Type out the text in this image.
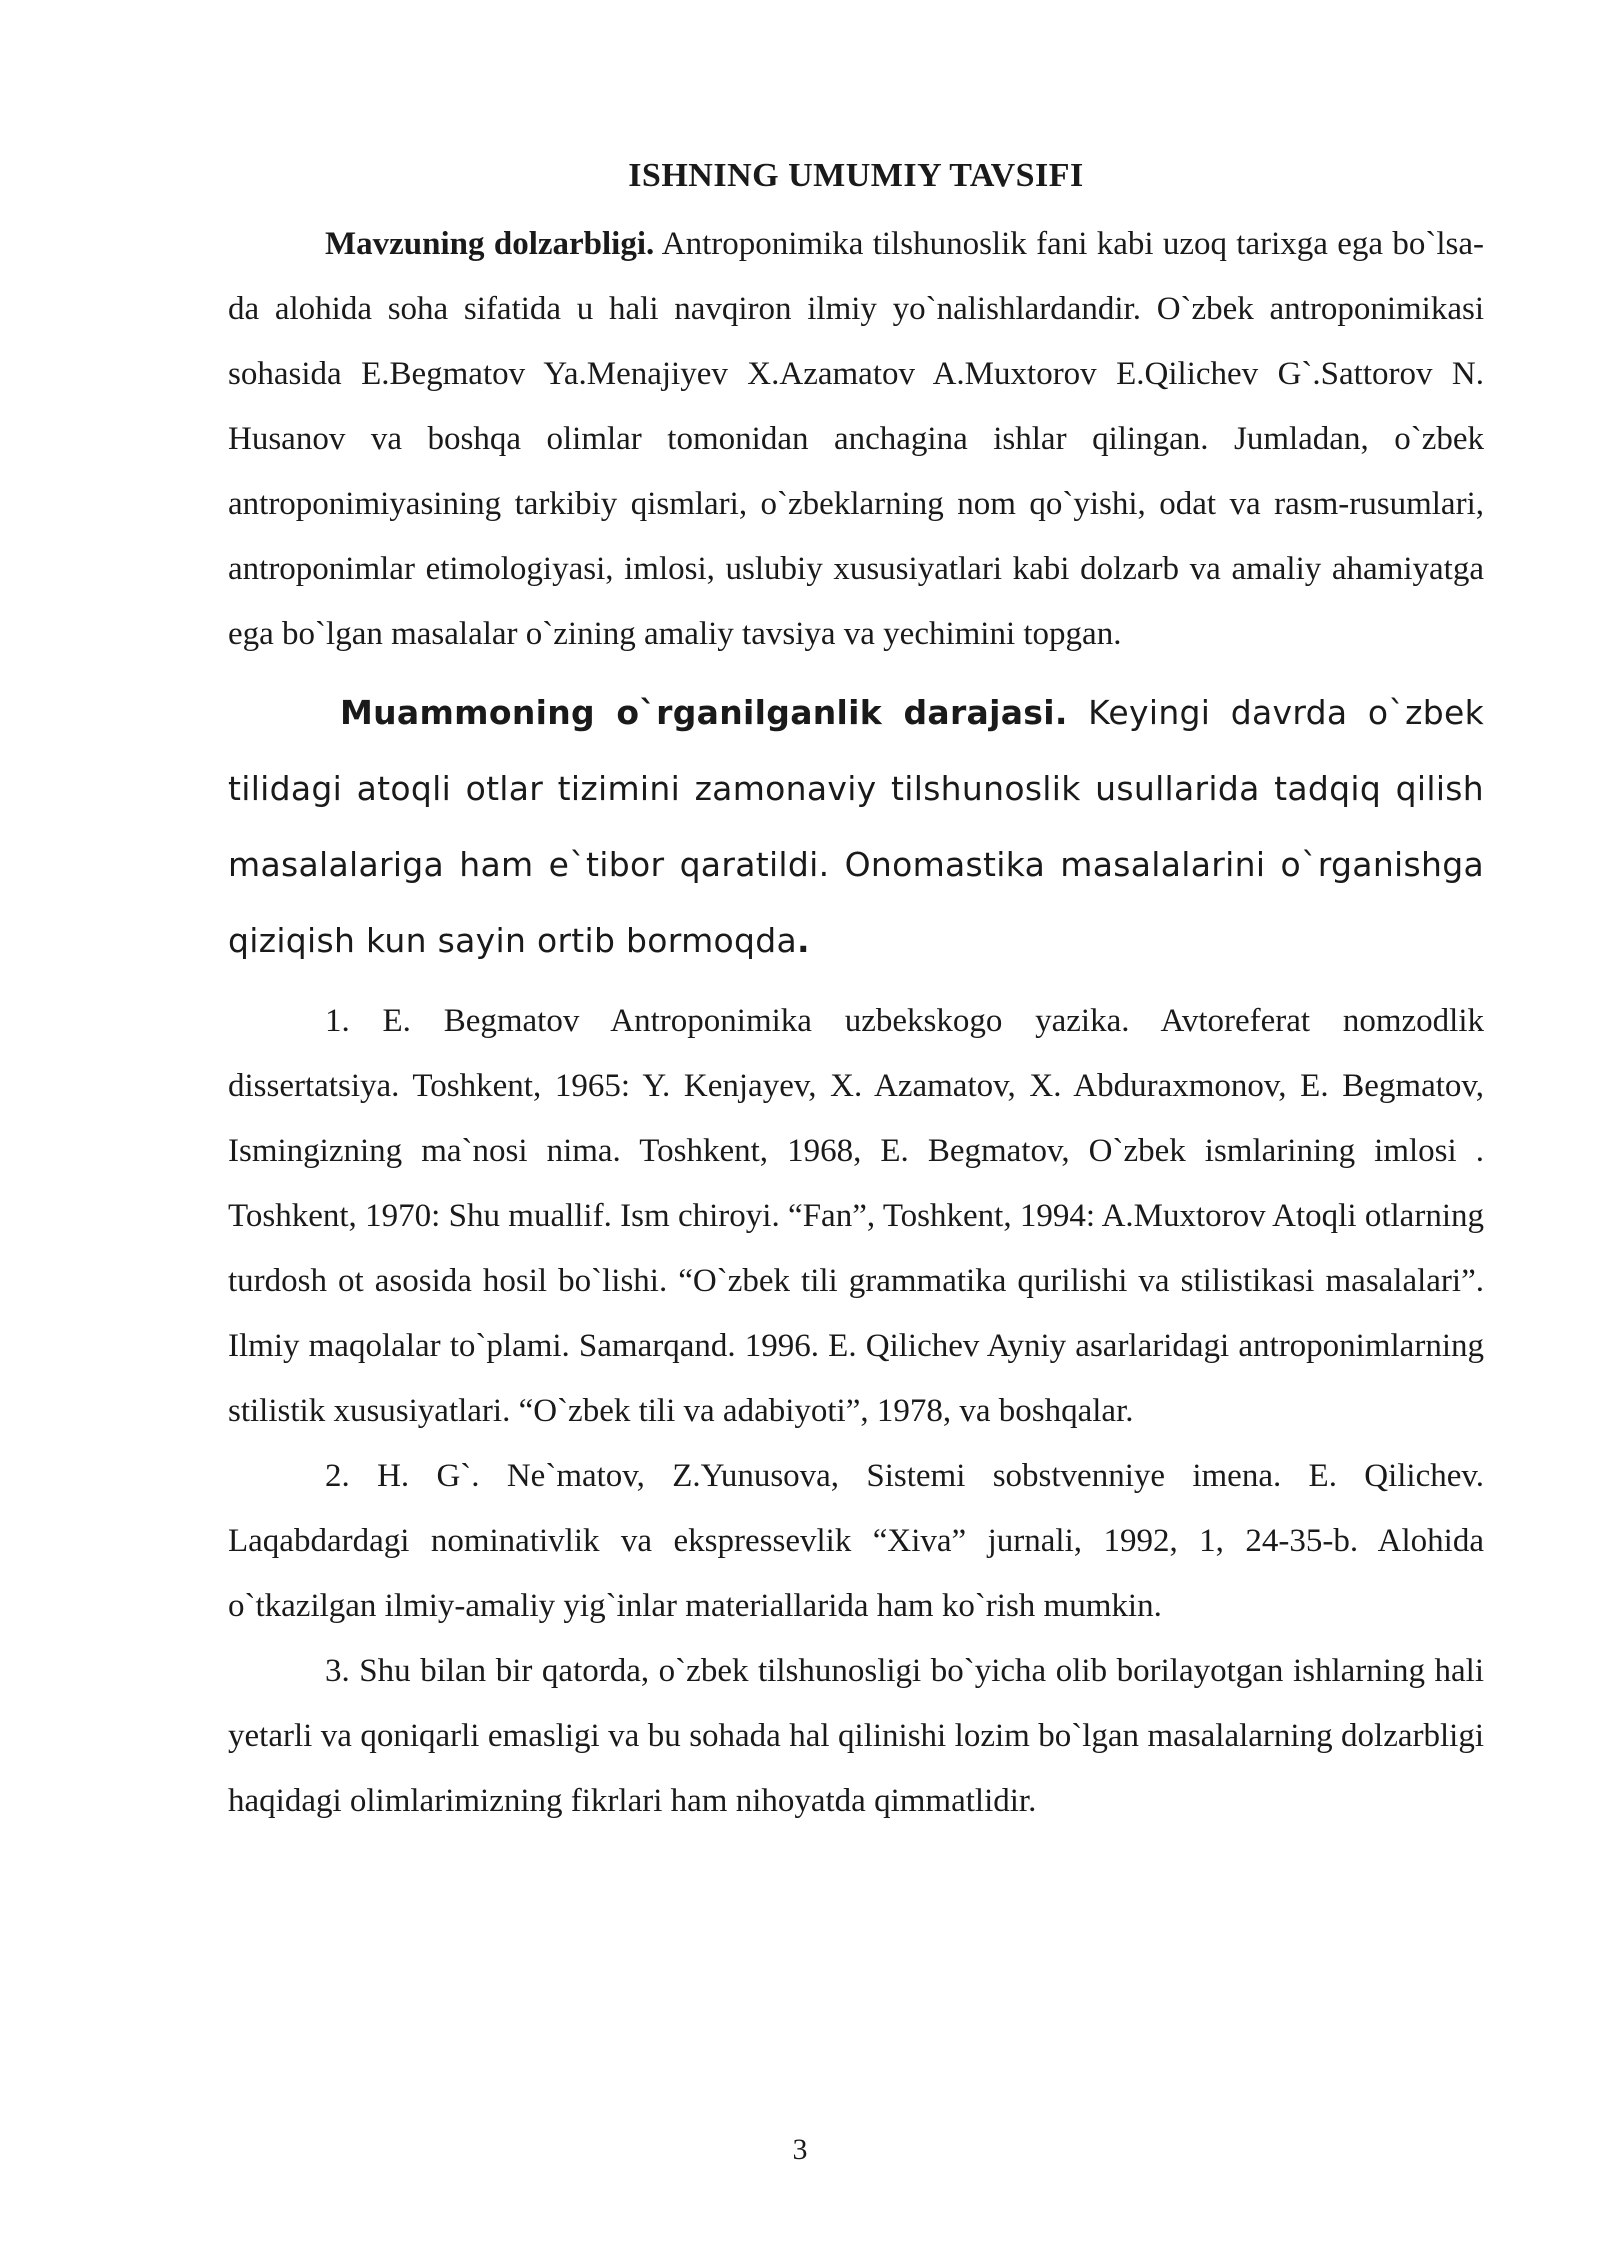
ISHNING UMUMIY TAVSIFI

Mavzuning dolzarbligi. Antroponimika tilshunoslik fani kabi uzoq tarixga ega bo`lsa-da alohida soha sifatida u hali navqiron ilmiy yo`nalishlardandir. O`zbek antroponimikasi sohasida E.Begmatov Ya.Menajiyev X.Azamatov A.Muxtorov E.Qilichev G`.Sattorov N. Husanov va boshqa olimlar tomonidan anchagina ishlar qilingan. Jumladan, o`zbek antroponimiyasining tarkibiy qismlari, o`zbeklarning nom qo`yishi, odat va rasm-rusumlari, antroponimlar etimologiyasi, imlosi, uslubiy xususiyatlari kabi dolzarb va amaliy ahamiyatga ega bo`lgan masalalar o`zining amaliy tavsiya va yechimini topgan.

Muammoning o`rganilganlik darajasi. Keyingi davrda o`zbek tilidagi atoqli otlar tizimini zamonaviy tilshunoslik usullarida tadqiq qilish masalalariga ham e`tibor qaratildi. Onomastika masalalarini o`rganishga qiziqish kun sayin ortib bormoqda.

1. E. Begmatov Antroponimika uzbekskogo yazika. Avtoreferat nomzodlik dissertatsiya. Toshkent, 1965: Y. Kenjayev, X. Azamatov, X. Abduraxmonov, E. Begmatov, Ismingizning ma`nosi nima. Toshkent, 1968, E. Begmatov, O`zbek ismlarining imlosi . Toshkent, 1970: Shu muallif. Ism chiroyi. “Fan”, Toshkent, 1994: A.Muxtorov Atoqli otlarning turdosh ot asosida hosil bo`lishi. “O`zbek tili grammatika qurilishi va stilistikasi masalalari”. Ilmiy maqolalar to`plami. Samarqand. 1996. E. Qilichev Ayniy asarlaridagi antroponimlarning stilistik xususiyatlari. “O`zbek tili va adabiyoti”, 1978, va boshqalar.

2. H. G`. Ne`matov, Z.Yunusova, Sistemi sobstvenniye imena. E. Qilichev. Laqabdardagi nominativlik va ekspressevlik “Xiva” jurnali, 1992, 1, 24-35-b. Alohida o`tkazilgan ilmiy-amaliy yig`inlar materiallarida ham ko`rish mumkin.

3. Shu bilan bir qatorda, o`zbek tilshunosligi bo`yicha olib borilayotgan ishlarning hali yetarli va qoniqarli emasligi va bu sohada hal qilinishi lozim bo`lgan masalalarning dolzarbligi haqidagi olimlarimizning fikrlari ham nihoyatda qimmatlidir.

3
